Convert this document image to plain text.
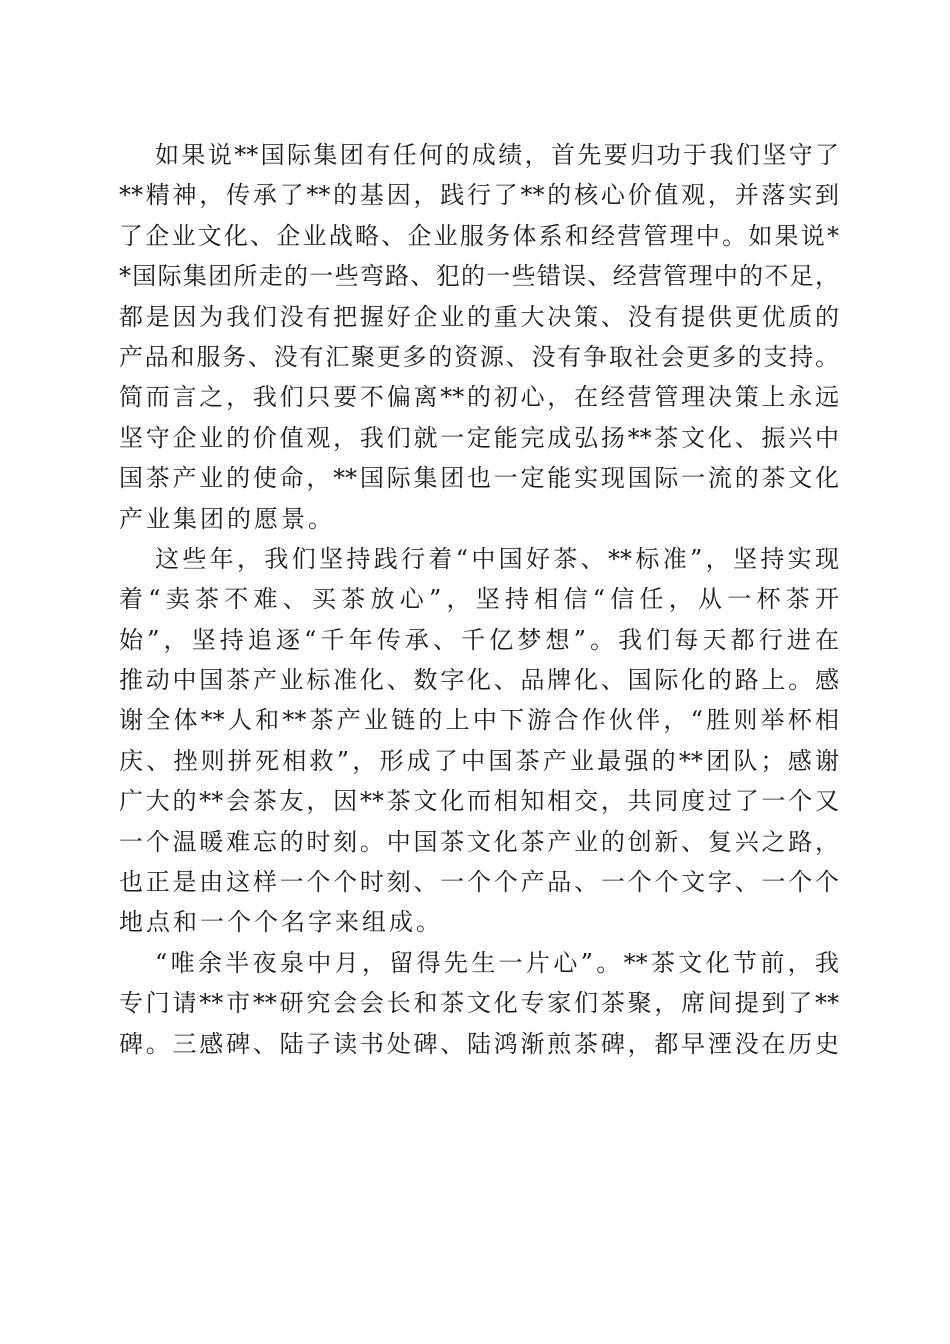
如果说**国际集团有任何的成绩，首先要归功于我们坚守了
**精神，传承了**的基因，践行了**的核心价值观，并落实到
了企业文化、企业战略、企业服务体系和经营管理中。如果说*
*国际集团所走的一些弯路、犯的一些错误、经营管理中的不足，
都是因为我们没有把握好企业的重大决策、没有提供更优质的
产品和服务、没有汇聚更多的资源、没有争取社会更多的支持。
简而言之，我们只要不偏离**的初心，在经营管理决策上永远
坚守企业的价值观，我们就一定能完成弘扬**茶文化、振兴中
国茶产业的使命，**国际集团也一定能实现国际一流的茶文化
产业集团的愿景。
这些年，我们坚持践行着“中国好茶、**标准”，坚持实现
着“卖茶不难、买茶放心”，坚持相信“信任，从一杯茶开
始”，坚持追逐“千年传承、千亿梦想”。我们每天都行进在
推动中国茶产业标准化、数字化、品牌化、国际化的路上。感
谢全体**人和**茶产业链的上中下游合作伙伴，“胜则举杯相
庆、挫则拼死相救”，形成了中国茶产业最强的**团队；感谢
广大的**会茶友，因**茶文化而相知相交，共同度过了一个又
一个温暖难忘的时刻。中国茶文化茶产业的创新、复兴之路，
也正是由这样一个个时刻、一个个产品、一个个文字、一个个
地点和一个个名字来组成。
“唯余半夜泉中月，留得先生一片心”。**茶文化节前，我
专门请**市**研究会会长和茶文化专家们茶聚，席间提到了**
碑。三感碑、陆子读书处碑、陆鸿渐煎茶碑，都早湮没在历史
